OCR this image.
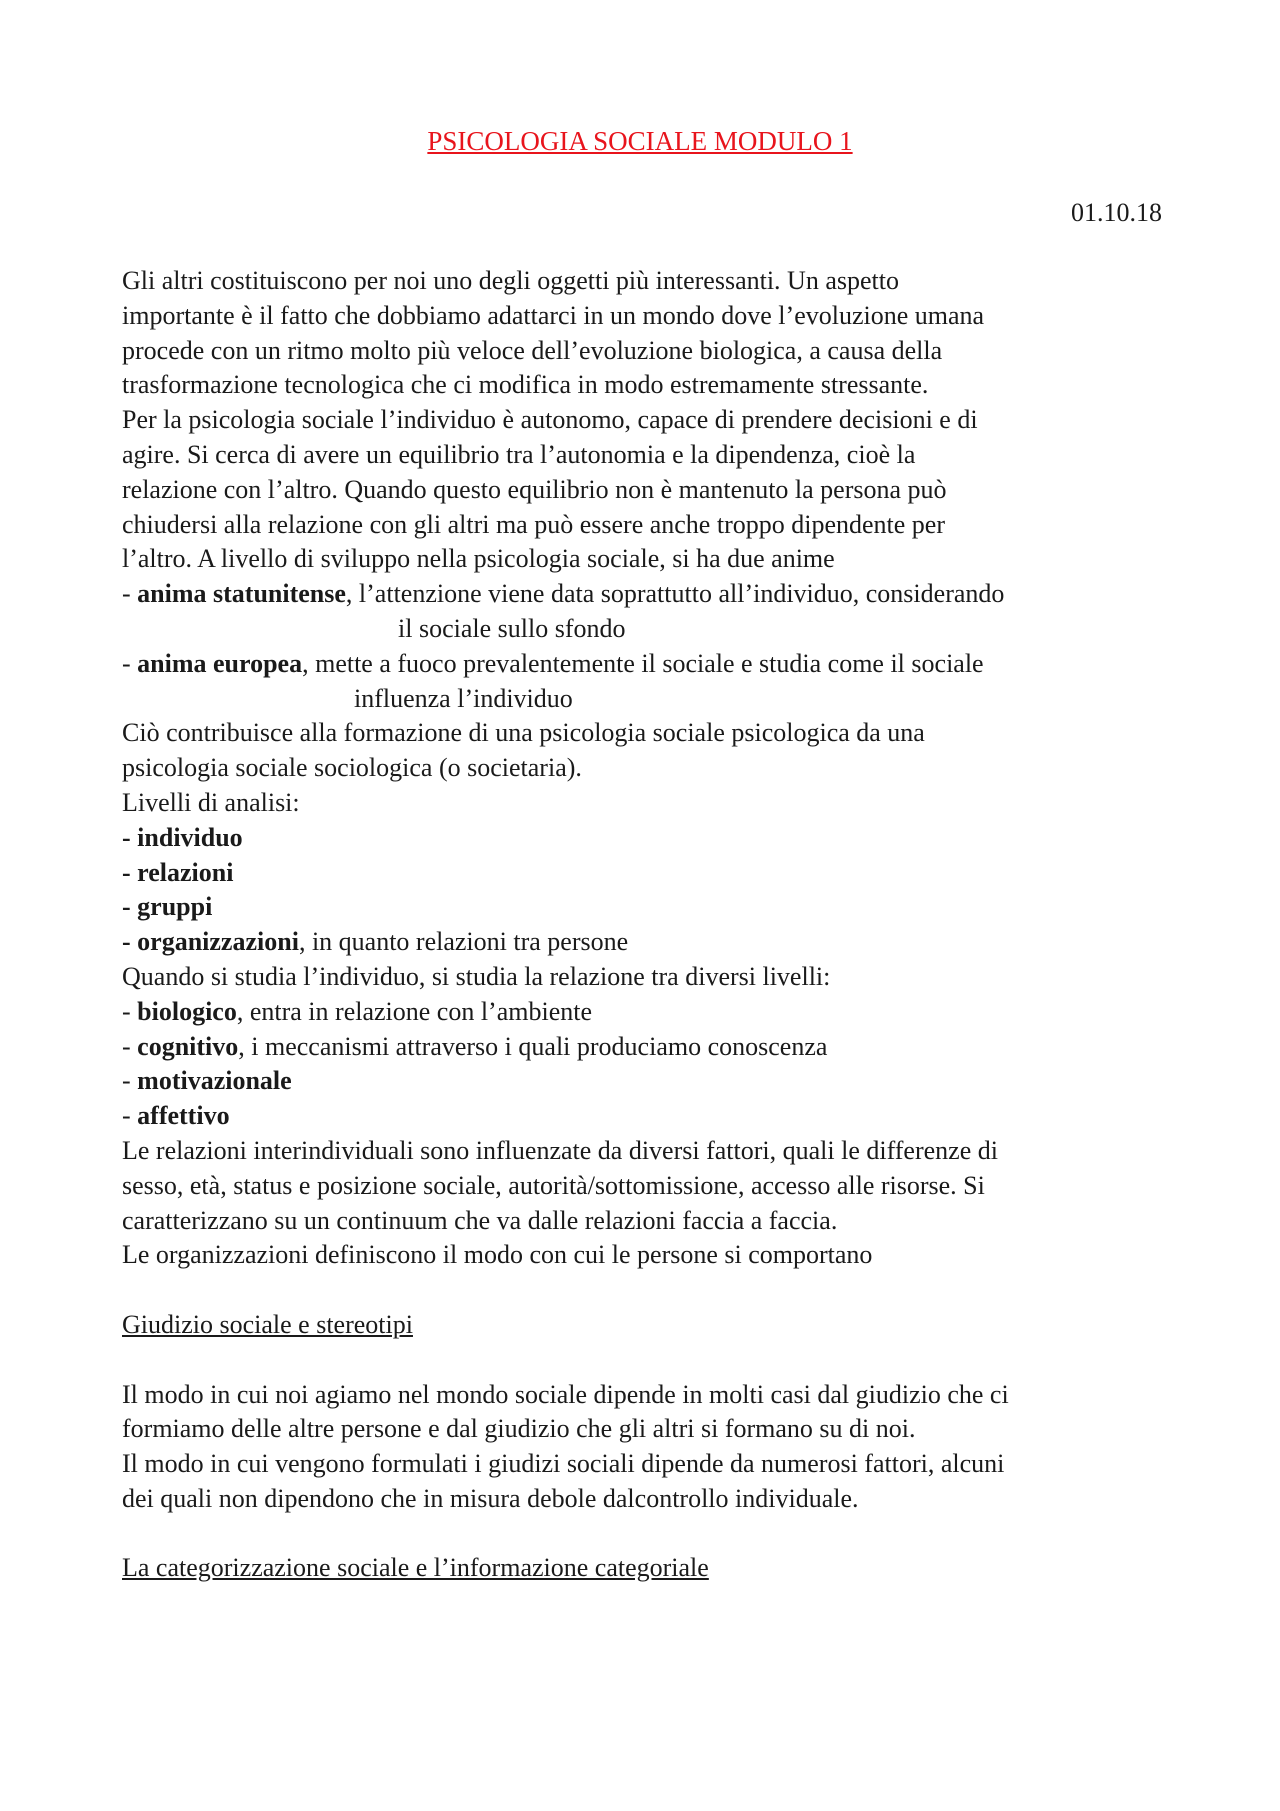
PSICOLOGIA SOCIALE MODULO 1
01.10.18
Gli altri costituiscono per noi uno degli oggetti più interessanti. Un aspetto
importante è il fatto che dobbiamo adattarci in un mondo dove l’evoluzione umana
procede con un ritmo molto più veloce dell’evoluzione biologica, a causa della
trasformazione tecnologica che ci modifica in modo estremamente stressante.
Per la psicologia sociale l’individuo è autonomo, capace di prendere decisioni e di
agire. Si cerca di avere un equilibrio tra l’autonomia e la dipendenza, cioè la
relazione con l’altro. Quando questo equilibrio non è mantenuto la persona può
chiudersi alla relazione con gli altri ma può essere anche troppo dipendente per
l’altro. A livello di sviluppo nella psicologia sociale, si ha due anime
- anima statunitense, l’attenzione viene data soprattutto all’individuo, considerando
il sociale sullo sfondo
- anima europea, mette a fuoco prevalentemente il sociale e studia come il sociale
influenza l’individuo
Ciò contribuisce alla formazione di una psicologia sociale psicologica da una
psicologia sociale sociologica (o societaria).
Livelli di analisi:
- individuo
- relazioni
- gruppi
- organizzazioni, in quanto relazioni tra persone
Quando si studia l’individuo, si studia la relazione tra diversi livelli:
- biologico, entra in relazione con l’ambiente
- cognitivo, i meccanismi attraverso i quali produciamo conoscenza
- motivazionale
- affettivo
Le relazioni interindividuali sono influenzate da diversi fattori, quali le differenze di
sesso, età, status e posizione sociale, autorità/sottomissione, accesso alle risorse. Si
caratterizzano su un continuum che va dalle relazioni faccia a faccia.
Le organizzazioni definiscono il modo con cui le persone si comportano
Giudizio sociale e stereotipi
Il modo in cui noi agiamo nel mondo sociale dipende in molti casi dal giudizio che ci
formiamo delle altre persone e dal giudizio che gli altri si formano su di noi.
Il modo in cui vengono formulati i giudizi sociali dipende da numerosi fattori, alcuni
dei quali non dipendono che in misura debole dalcontrollo individuale.
La categorizzazione sociale e l’informazione categoriale
